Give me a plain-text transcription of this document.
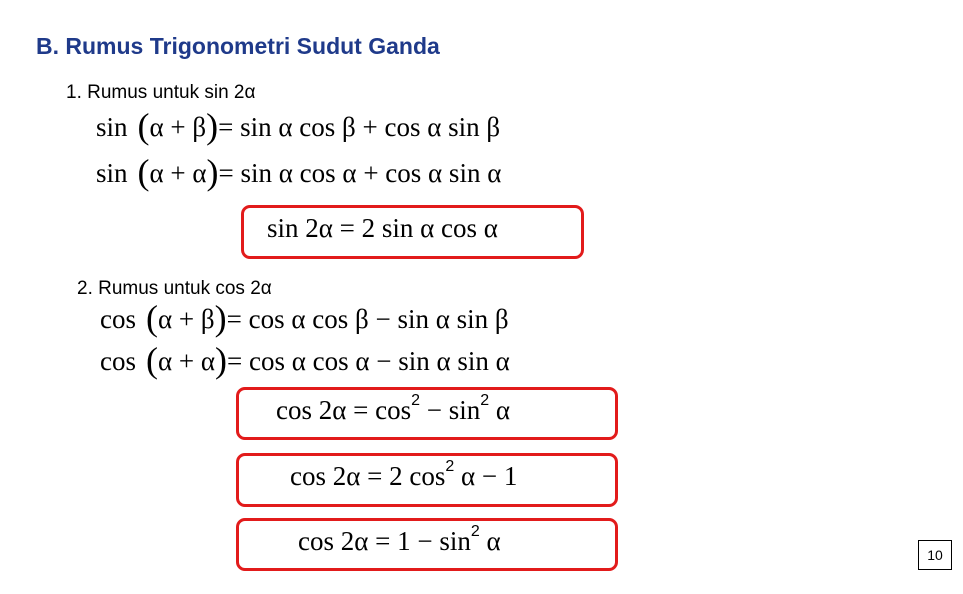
B. Rumus Trigonometri Sudut Ganda
1. Rumus untuk sin 2α
sin (α + β)= sin α cos β + cos α sin β
sin (α + α)= sin α cos α + cos α sin α
sin 2α = 2 sin α cos α
2. Rumus untuk cos 2α
cos (α + β)= cos α cos β − sin α sin β
cos (α + α)= cos α cos α − sin α sin α
$\cos 2\alpha = \cos^2 - \sin^2 \alpha$
cos 2α = 2 $\cos^2 \alpha - 1$
$\cos 2\alpha = 1 - \sin^2 \alpha$	10
